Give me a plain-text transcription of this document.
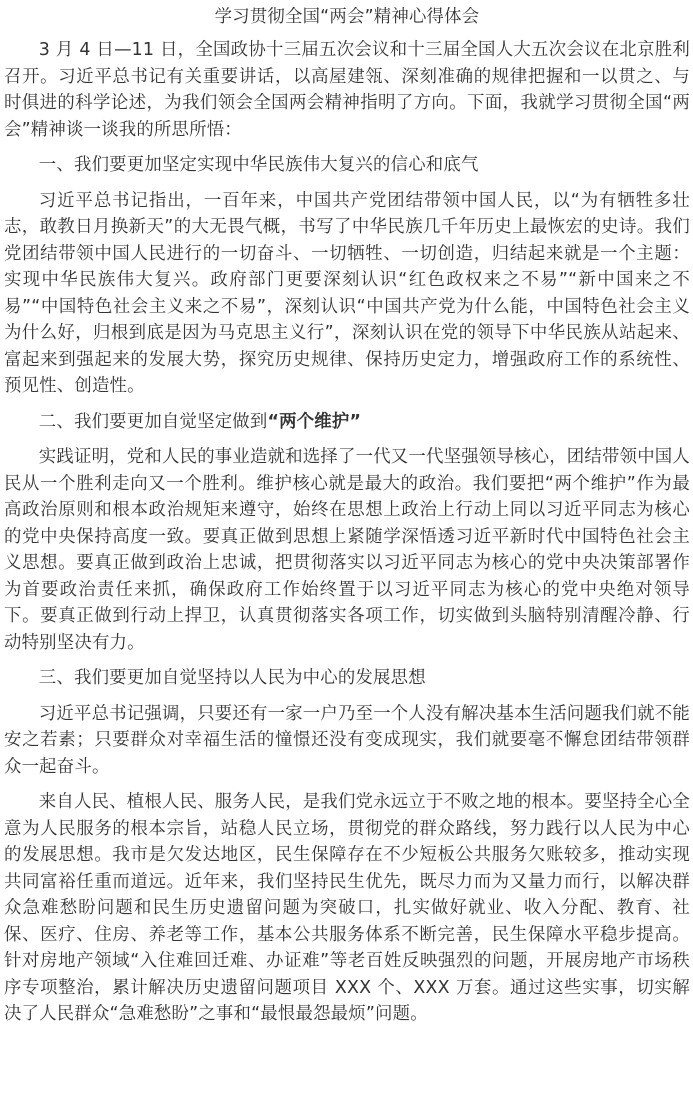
学习贯彻全国“两会”精神心得体会

3 月 4 日—11 日，全国政协十三届五次会议和十三届全国人大五次会议在北京胜利召开。习近平总书记有关重要讲话，以高屋建瓴、深刻准确的规律把握和一以贯之、与时俱进的科学论述，为我们领会全国两会精神指明了方向。下面，我就学习贯彻全国“两会”精神谈一谈我的所思所悟：

一、我们要更加坚定实现中华民族伟大复兴的信心和底气

习近平总书记指出，一百年来，中国共产党团结带领中国人民，以“为有牺牲多壮志，敢教日月换新天”的大无畏气概，书写了中华民族几千年历史上最恢宏的史诗。我们党团结带领中国人民进行的一切奋斗、一切牺牲、一切创造，归结起来就是一个主题：实现中华民族伟大复兴。政府部门更要深刻认识“红色政权来之不易”“新中国来之不易”“中国特色社会主义来之不易”，深刻认识“中国共产党为什么能，中国特色社会主义为什么好，归根到底是因为马克思主义行”，深刻认识在党的领导下中华民族从站起来、富起来到强起来的发展大势，探究历史规律、保持历史定力，增强政府工作的系统性、预见性、创造性。

二、我们要更加自觉坚定做到“两个维护”

实践证明，党和人民的事业造就和选择了一代又一代坚强领导核心，团结带领中国人民从一个胜利走向又一个胜利。维护核心就是最大的政治。我们要把“两个维护”作为最高政治原则和根本政治规矩来遵守，始终在思想上政治上行动上同以习近平同志为核心的党中央保持高度一致。要真正做到思想上紧随学深悟透习近平新时代中国特色社会主义思想。要真正做到政治上忠诚，把贯彻落实以习近平同志为核心的党中央决策部署作为首要政治责任来抓，确保政府工作始终置于以习近平同志为核心的党中央绝对领导下。要真正做到行动上捍卫，认真贯彻落实各项工作，切实做到头脑特别清醒冷静、行动特别坚决有力。

三、我们要更加自觉坚持以人民为中心的发展思想

习近平总书记强调，只要还有一家一户乃至一个人没有解决基本生活问题我们就不能安之若素；只要群众对幸福生活的憧憬还没有变成现实，我们就要毫不懈怠团结带领群众一起奋斗。

来自人民、植根人民、服务人民，是我们党永远立于不败之地的根本。要坚持全心全意为人民服务的根本宗旨，站稳人民立场，贯彻党的群众路线，努力践行以人民为中心的发展思想。我市是欠发达地区，民生保障存在不少短板公共服务欠账较多，推动实现共同富裕任重而道远。近年来，我们坚持民生优先，既尽力而为又量力而行，以解决群众急难愁盼问题和民生历史遗留问题为突破口，扎实做好就业、收入分配、教育、社保、医疗、住房、养老等工作，基本公共服务体系不断完善，民生保障水平稳步提高。针对房地产领域“入住难回迁难、办证难”等老百姓反映强烈的问题，开展房地产市场秩序专项整治，累计解决历史遗留问题项目 XXX 个、XXX 万套。通过这些实事，切实解决了人民群众“急难愁盼”之事和“最恨最怨最烦”问题。
